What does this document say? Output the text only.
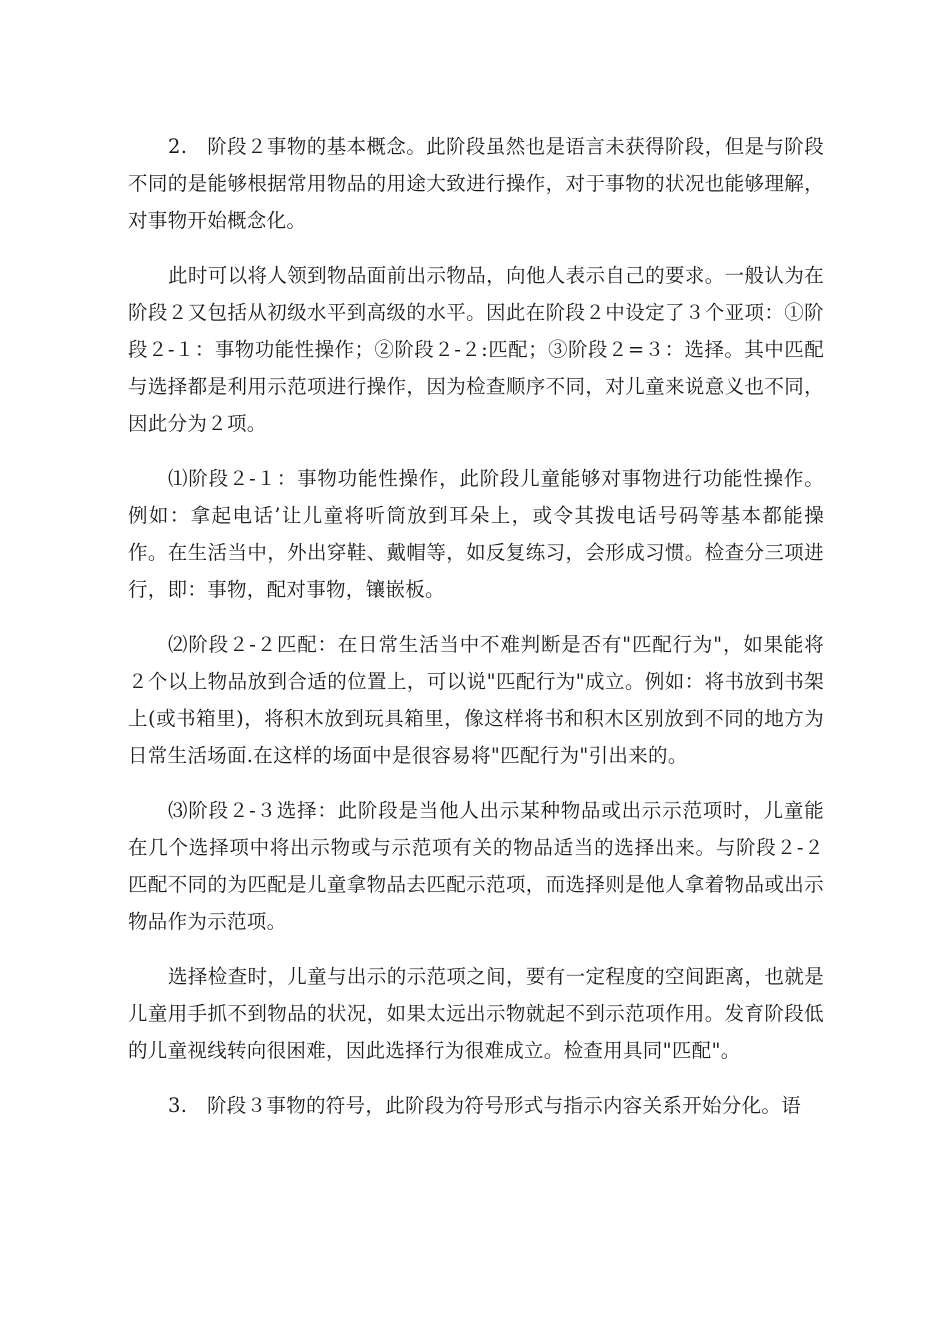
2.　阶段２事物的基本概念。此阶段虽然也是语言未获得阶段，但是与阶段不同的是能够根据常用物品的用途大致进行操作，对于事物的状况也能够理解，对事物开始概念化。

此时可以将人领到物品面前出示物品，向他人表示自己的要求。一般认为在阶段２又包括从初级水平到高级的水平。因此在阶段２中设定了３个亚项：①阶段２-１：事物功能性操作；②阶段２-２:匹配；③阶段２=３：选择。其中匹配与选择都是利用示范项进行操作，因为检查顺序不同，对儿童来说意义也不同，因此分为２项。

⑴阶段２-１：事物功能性操作，此阶段儿童能够对事物进行功能性操作。例如：拿起电话’让儿童将听筒放到耳朵上，或令其拨电话号码等基本都能操作。在生活当中，外出穿鞋、戴帽等，如反复练习，会形成习惯。检查分三项进行，即：事物，配对事物，镶嵌板。

⑵阶段２-２匹配：在日常生活当中不难判断是否有"匹配行为"，如果能将２个以上物品放到合适的位置上，可以说"匹配行为"成立。例如：将书放到书架上(或书箱里)，将积木放到玩具箱里，像这样将书和积木区别放到不同的地方为日常生活场面.在这样的场面中是很容易将"匹配行为"引出来的。

⑶阶段２-３选择：此阶段是当他人出示某种物品或出示示范项时，儿童能在几个选择项中将出示物或与示范项有关的物品适当的选择出来。与阶段２-２匹配不同的为匹配是儿童拿物品去匹配示范项，而选择则是他人拿着物品或出示物品作为示范项。

选择检查时，儿童与出示的示范项之间，要有一定程度的空间距离，也就是儿童用手抓不到物品的状况，如果太远出示物就起不到示范项作用。发育阶段低的儿童视线转向很困难，因此选择行为很难成立。检查用具同"匹配"。

3.　阶段３事物的符号，此阶段为符号形式与指示内容关系开始分化。语
